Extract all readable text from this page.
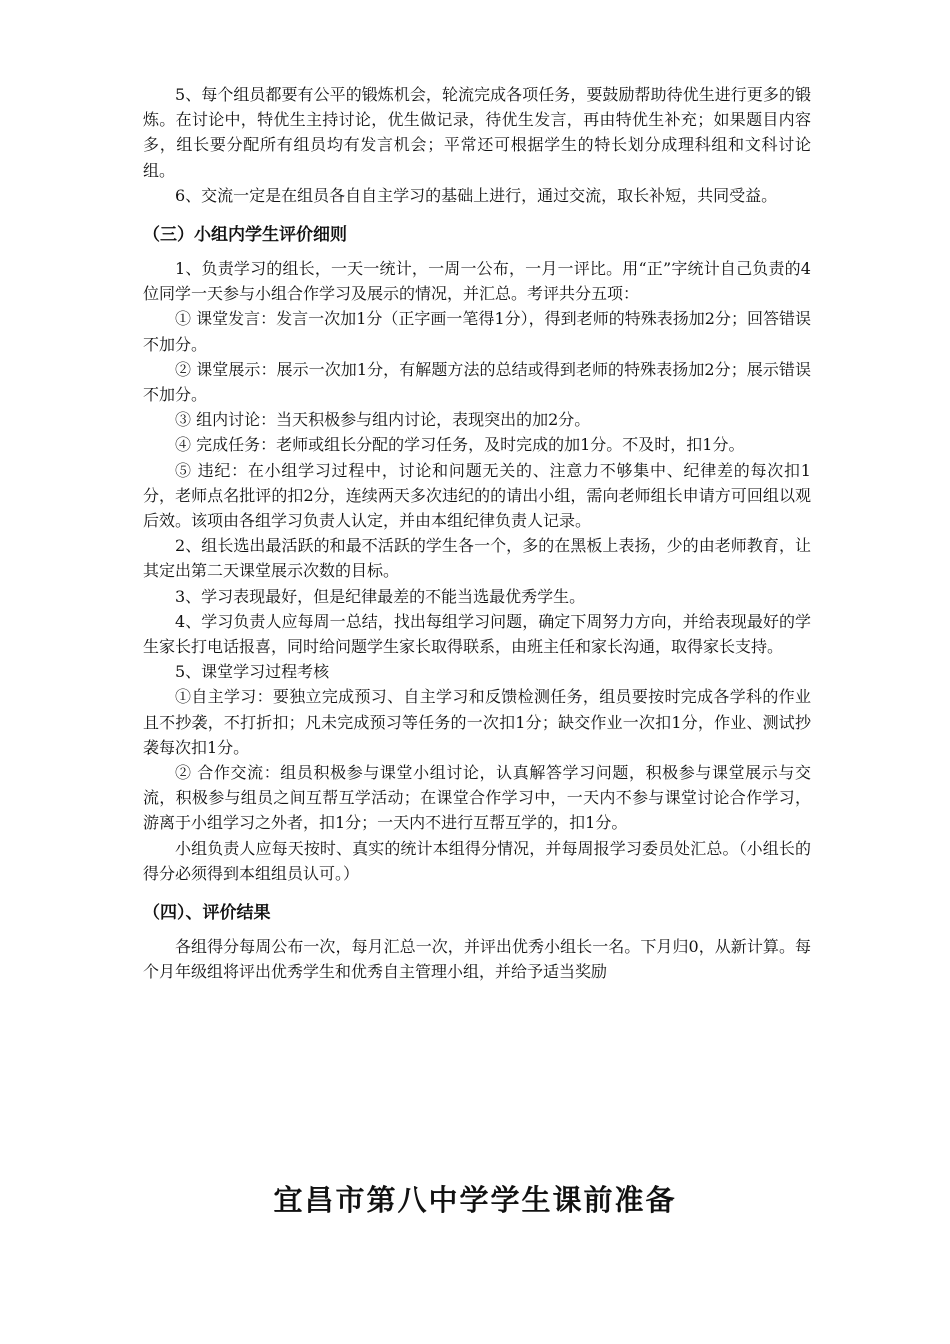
5、每个组员都要有公平的锻炼机会，轮流完成各项任务，要鼓励帮助待优生进行更多的锻炼。在讨论中，特优生主持讨论，优生做记录，待优生发言，再由特优生补充；如果题目内容多，组长要分配所有组员均有发言机会；平常还可根据学生的特长划分成理科组和文科讨论组。

6、交流一定是在组员各自自主学习的基础上进行，通过交流，取长补短，共同受益。

（三）小组内学生评价细则

1、负责学习的组长，一天一统计，一周一公布，一月一评比。用“正”字统计自己负责的4位同学一天参与小组合作学习及展示的情况，并汇总。考评共分五项：

① 课堂发言：发言一次加1分（正字画一笔得1分），得到老师的特殊表扬加2分；回答错误不加分。

② 课堂展示：展示一次加1分，有解题方法的总结或得到老师的特殊表扬加2分；展示错误不加分。

③ 组内讨论：当天积极参与组内讨论，表现突出的加2分。

④ 完成任务：老师或组长分配的学习任务，及时完成的加1分。不及时，扣1分。

⑤ 违纪：在小组学习过程中，讨论和问题无关的、注意力不够集中、纪律差的每次扣1分，老师点名批评的扣2分，连续两天多次违纪的的请出小组，需向老师组长申请方可回组以观后效。该项由各组学习负责人认定，并由本组纪律负责人记录。

2、组长选出最活跃的和最不活跃的学生各一个，多的在黑板上表扬，少的由老师教育，让其定出第二天课堂展示次数的目标。

3、学习表现最好，但是纪律最差的不能当选最优秀学生。

4、学习负责人应每周一总结，找出每组学习问题，确定下周努力方向，并给表现最好的学生家长打电话报喜，同时给问题学生家长取得联系，由班主任和家长沟通，取得家长支持。

5、课堂学习过程考核

①自主学习：要独立完成预习、自主学习和反馈检测任务，组员要按时完成各学科的作业且不抄袭，不打折扣；凡未完成预习等任务的一次扣1分；缺交作业一次扣1分，作业、测试抄袭每次扣1分。

② 合作交流：组员积极参与课堂小组讨论，认真解答学习问题，积极参与课堂展示与交流，积极参与组员之间互帮互学活动；在课堂合作学习中，一天内不参与课堂讨论合作学习，游离于小组学习之外者，扣1分；一天内不进行互帮互学的，扣1分。

小组负责人应每天按时、真实的统计本组得分情况，并每周报学习委员处汇总。（小组长的得分必须得到本组组员认可。）

（四）、评价结果

各组得分每周公布一次，每月汇总一次，并评出优秀小组长一名。下月归0，从新计算。每个月年级组将评出优秀学生和优秀自主管理小组，并给予适当奖励

宜昌市第八中学学生课前准备
